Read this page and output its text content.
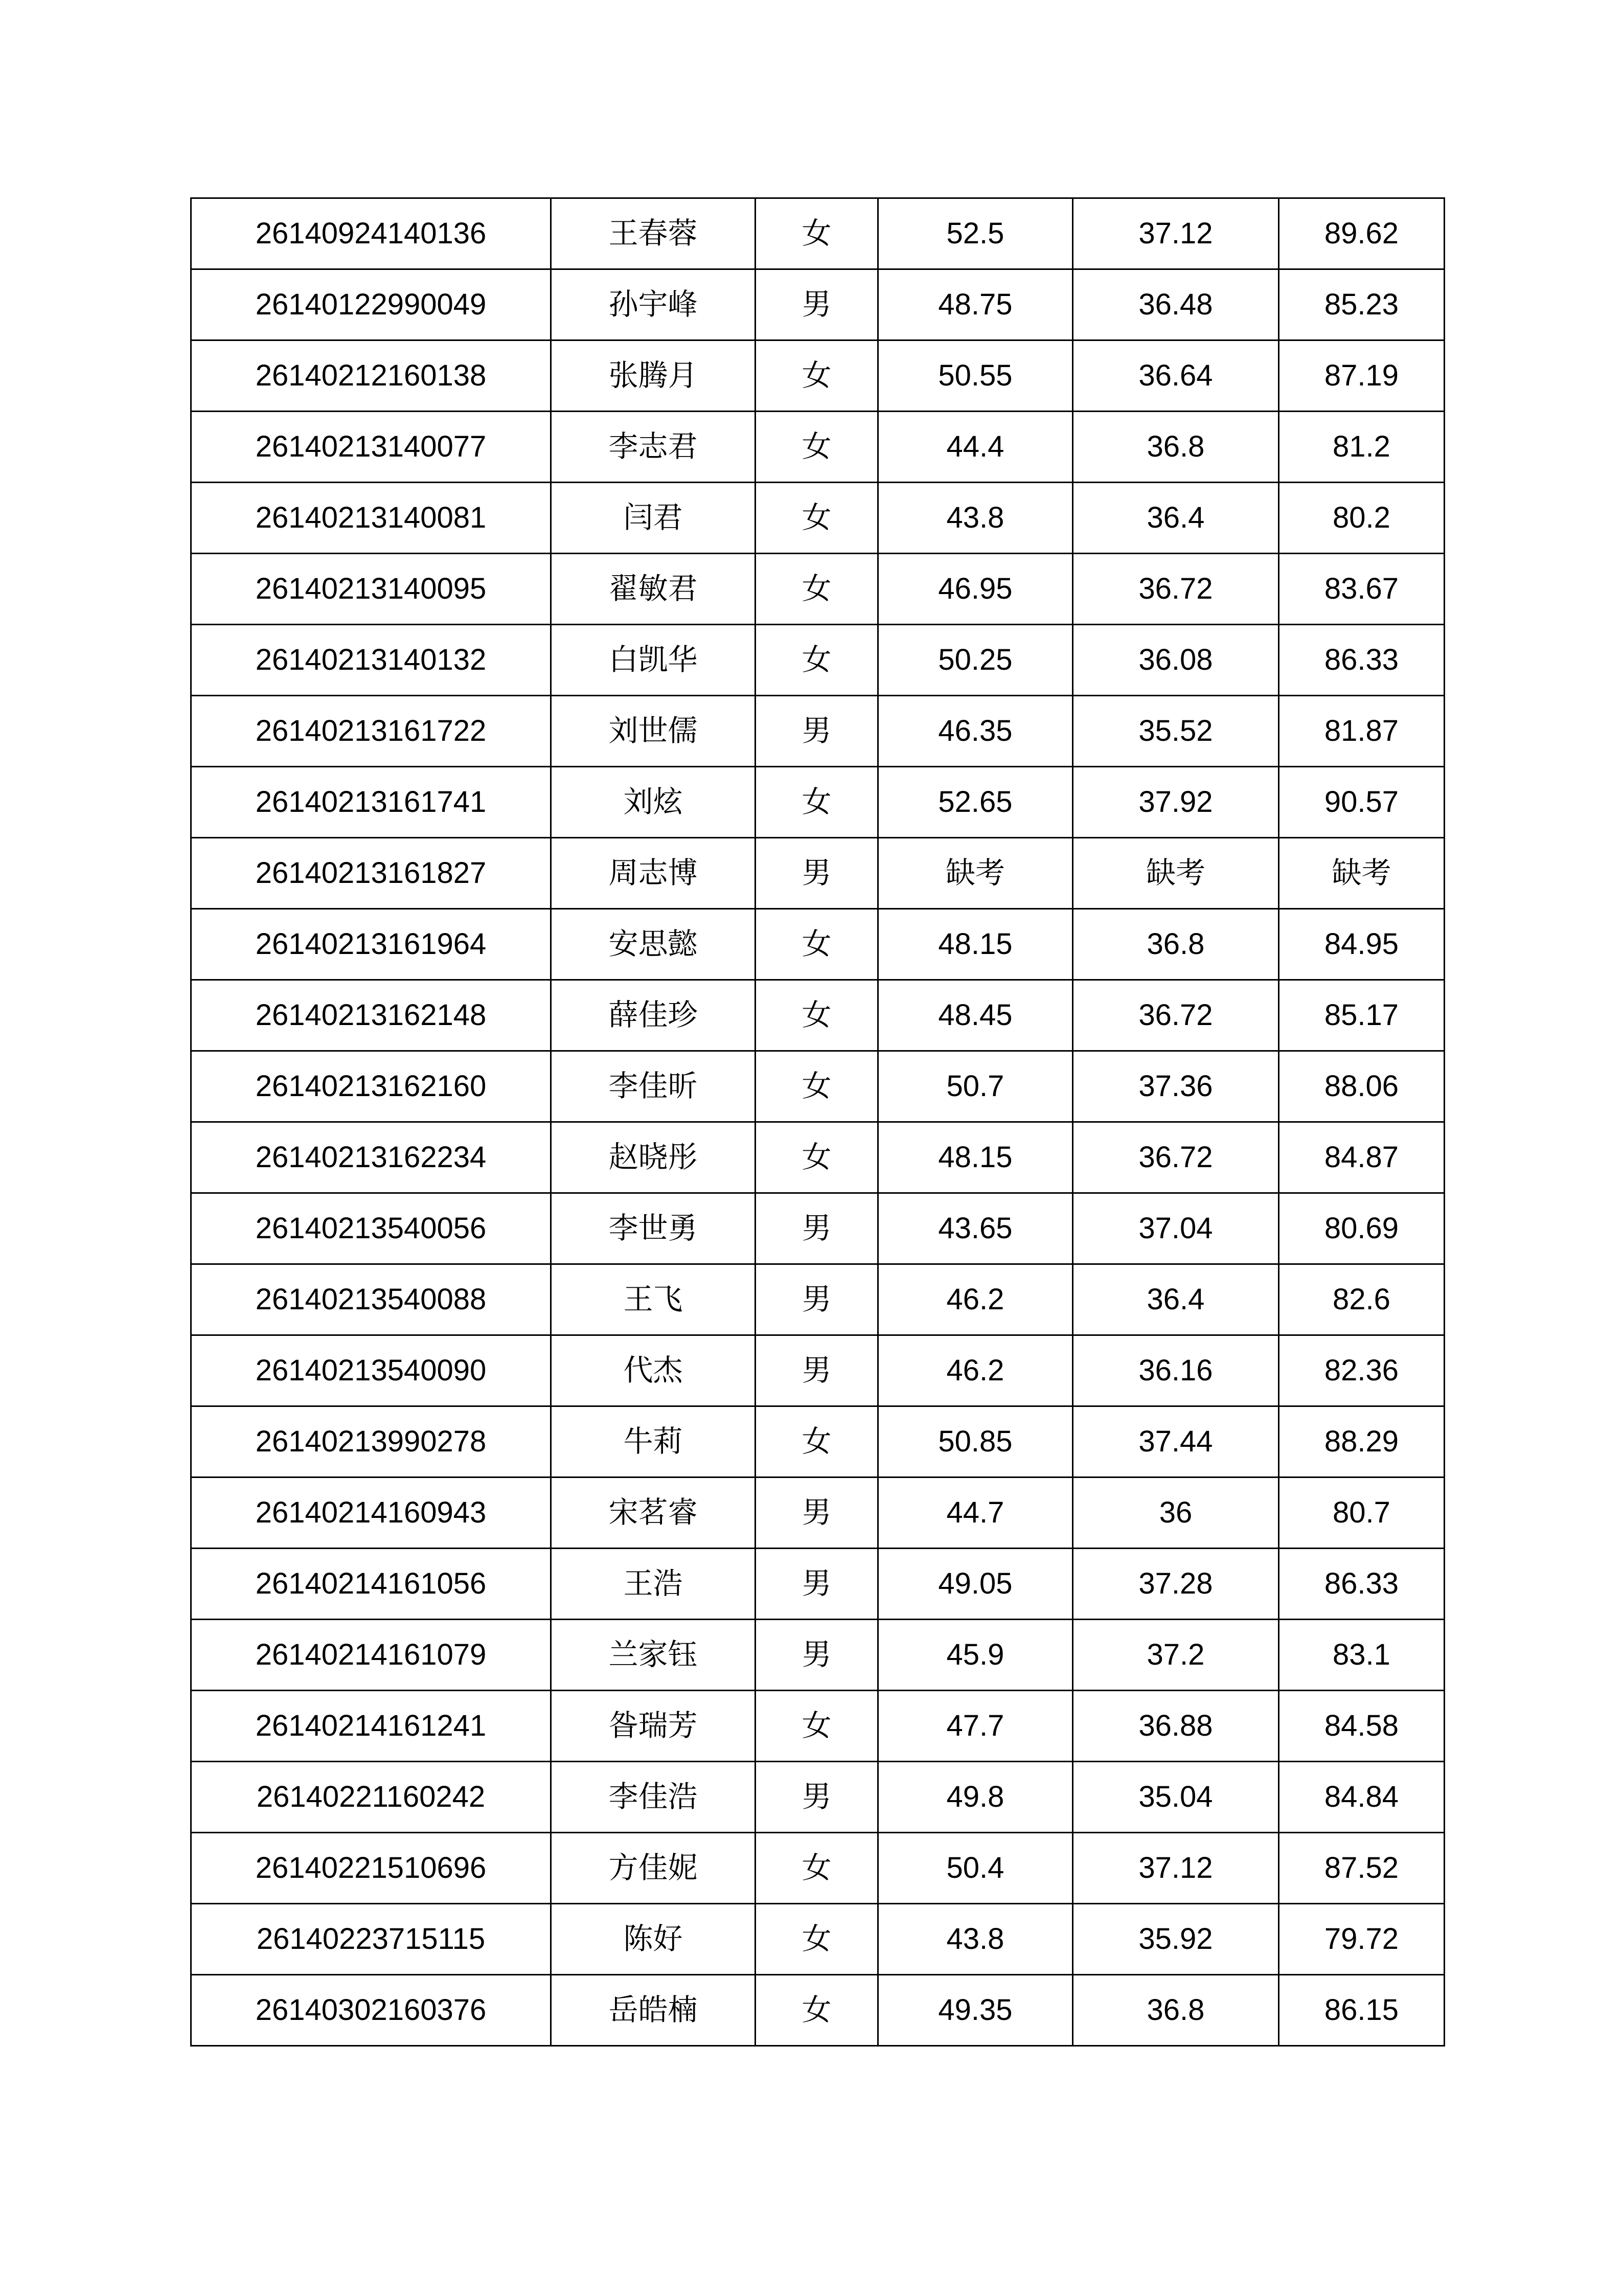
26140924140136	王春蓉	女	52.5	37.12	89.62
26140122990049	孙宇峰	男	48.75	36.48	85.23
26140212160138	张腾月	女	50.55	36.64	87.19
26140213140077	李志君	女	44.4	36.8	81.2
26140213140081	闫君	女	43.8	36.4	80.2
26140213140095	翟敏君	女	46.95	36.72	83.67
26140213140132	白凯华	女	50.25	36.08	86.33
26140213161722	刘世儒	男	46.35	35.52	81.87
26140213161741	刘炫	女	52.65	37.92	90.57
26140213161827	周志博	男	缺考	缺考	缺考
26140213161964	安思懿	女	48.15	36.8	84.95
26140213162148	薛佳珍	女	48.45	36.72	85.17
26140213162160	李佳昕	女	50.7	37.36	88.06
26140213162234	赵晓彤	女	48.15	36.72	84.87
26140213540056	李世勇	男	43.65	37.04	80.69
26140213540088	王飞	男	46.2	36.4	82.6
26140213540090	代杰	男	46.2	36.16	82.36
26140213990278	牛莉	女	50.85	37.44	88.29
26140214160943	宋茗睿	男	44.7	36	80.7
26140214161056	王浩	男	49.05	37.28	86.33
26140214161079	兰家钰	男	45.9	37.2	83.1
26140214161241	昝瑞芳	女	47.7	36.88	84.58
26140221160242	李佳浩	男	49.8	35.04	84.84
26140221510696	方佳妮	女	50.4	37.12	87.52
26140223715115	陈好	女	43.8	35.92	79.72
26140302160376	岳皓楠	女	49.35	36.8	86.15
